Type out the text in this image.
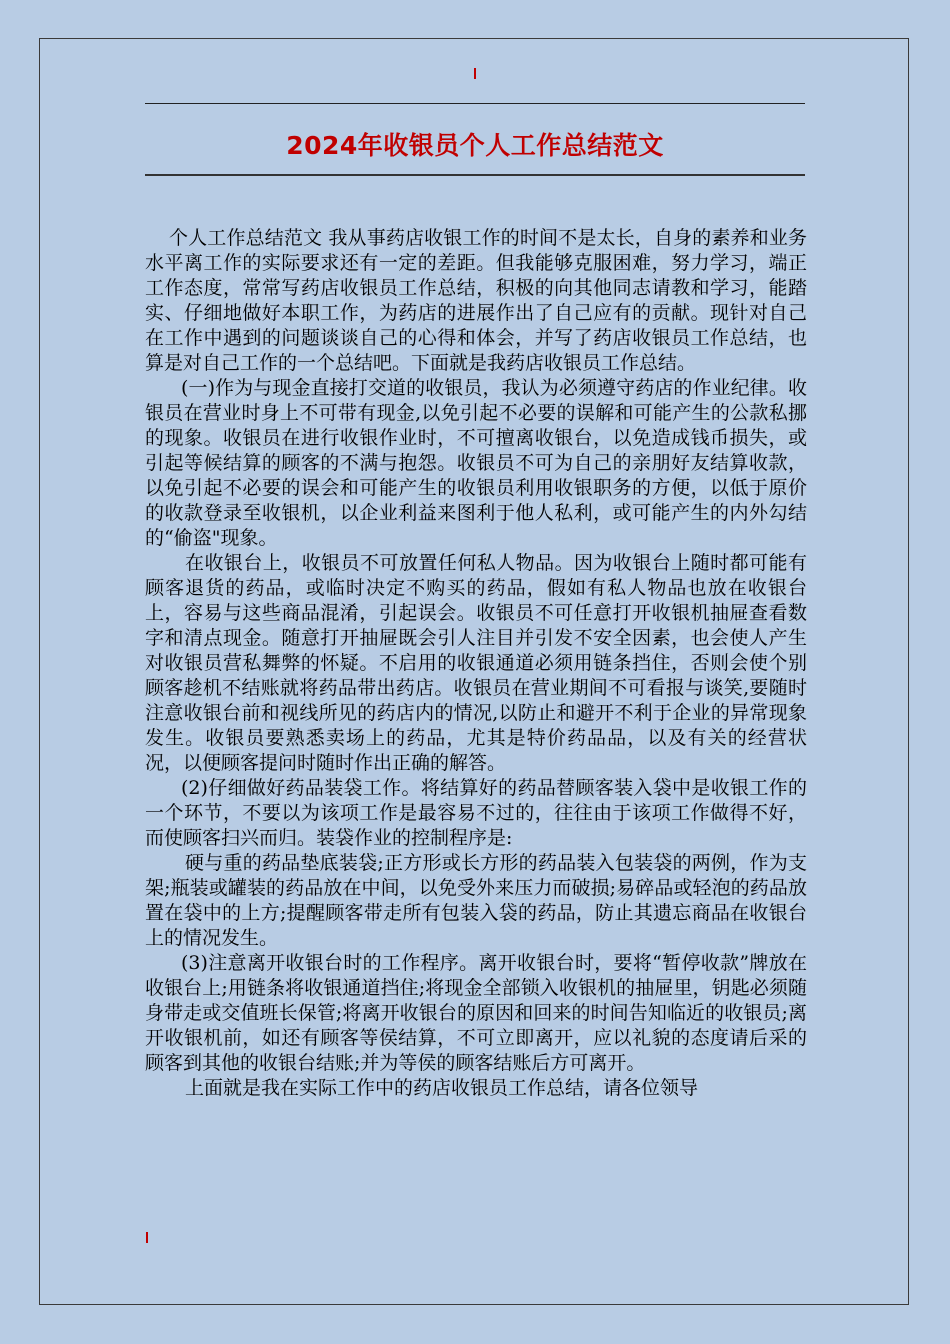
2024年收银员个人工作总结范文

个人工作总结范文 我从事药店收银工作的时间不是太长，自身的素养和业务水平离工作的实际要求还有一定的差距。但我能够克服困难，努力学习，端正工作态度，常常写药店收银员工作总结，积极的向其他同志请教和学习，能踏实、仔细地做好本职工作，为药店的进展作出了自己应有的贡献。现针对自己在工作中遇到的问题谈谈自己的心得和体会，并写了药店收银员工作总结，也算是对自己工作的一个总结吧。下面就是我药店收银员工作总结。

(一)作为与现金直接打交道的收银员，我认为必须遵守药店的作业纪律。收银员在营业时身上不可带有现金,以免引起不必要的误解和可能产生的公款私挪的现象。收银员在进行收银作业时，不可擅离收银台，以免造成钱币损失，或引起等候结算的顾客的不满与抱怨。收银员不可为自己的亲朋好友结算收款，以免引起不必要的误会和可能产生的收银员利用收银职务的方便，以低于原价的收款登录至收银机，以企业利益来图利于他人私利，或可能产生的内外勾结的“偷盗"现象。

在收银台上，收银员不可放置任何私人物品。因为收银台上随时都可能有顾客退货的药品，或临时决定不购买的药品，假如有私人物品也放在收银台上，容易与这些商品混淆，引起误会。收银员不可任意打开收银机抽屉查看数字和清点现金。随意打开抽屉既会引人注目并引发不安全因素，也会使人产生对收银员营私舞弊的怀疑。不启用的收银通道必须用链条挡住，否则会使个别顾客趁机不结账就将药品带出药店。收银员在营业期间不可看报与谈笑,要随时注意收银台前和视线所见的药店内的情况,以防止和避开不利于企业的异常现象发生。收银员要熟悉卖场上的药品，尤其是特价药品品，以及有关的经营状况，以便顾客提问时随时作出正确的解答。

(2)仔细做好药品装袋工作。将结算好的药品替顾客装入袋中是收银工作的一个环节，不要以为该项工作是最容易不过的，往往由于该项工作做得不好，而使顾客扫兴而归。装袋作业的控制程序是:

硬与重的药品垫底装袋;正方形或长方形的药品装入包装袋的两例，作为支架;瓶装或罐装的药品放在中间，以免受外来压力而破损;易碎品或轻泡的药品放置在袋中的上方;提醒顾客带走所有包装入袋的药品，防止其遗忘商品在收银台上的情况发生。

(3)注意离开收银台时的工作程序。离开收银台时，要将“暂停收款”牌放在收银台上;用链条将收银通道挡住;将现金全部锁入收银机的抽屉里，钥匙必须随身带走或交值班长保管;将离开收银台的原因和回来的时间告知临近的收银员;离开收银机前，如还有顾客等侯结算，不可立即离开，应以礼貌的态度请后采的顾客到其他的收银台结账;并为等侯的顾客结账后方可离开。

上面就是我在实际工作中的药店收银员工作总结，请各位领导
